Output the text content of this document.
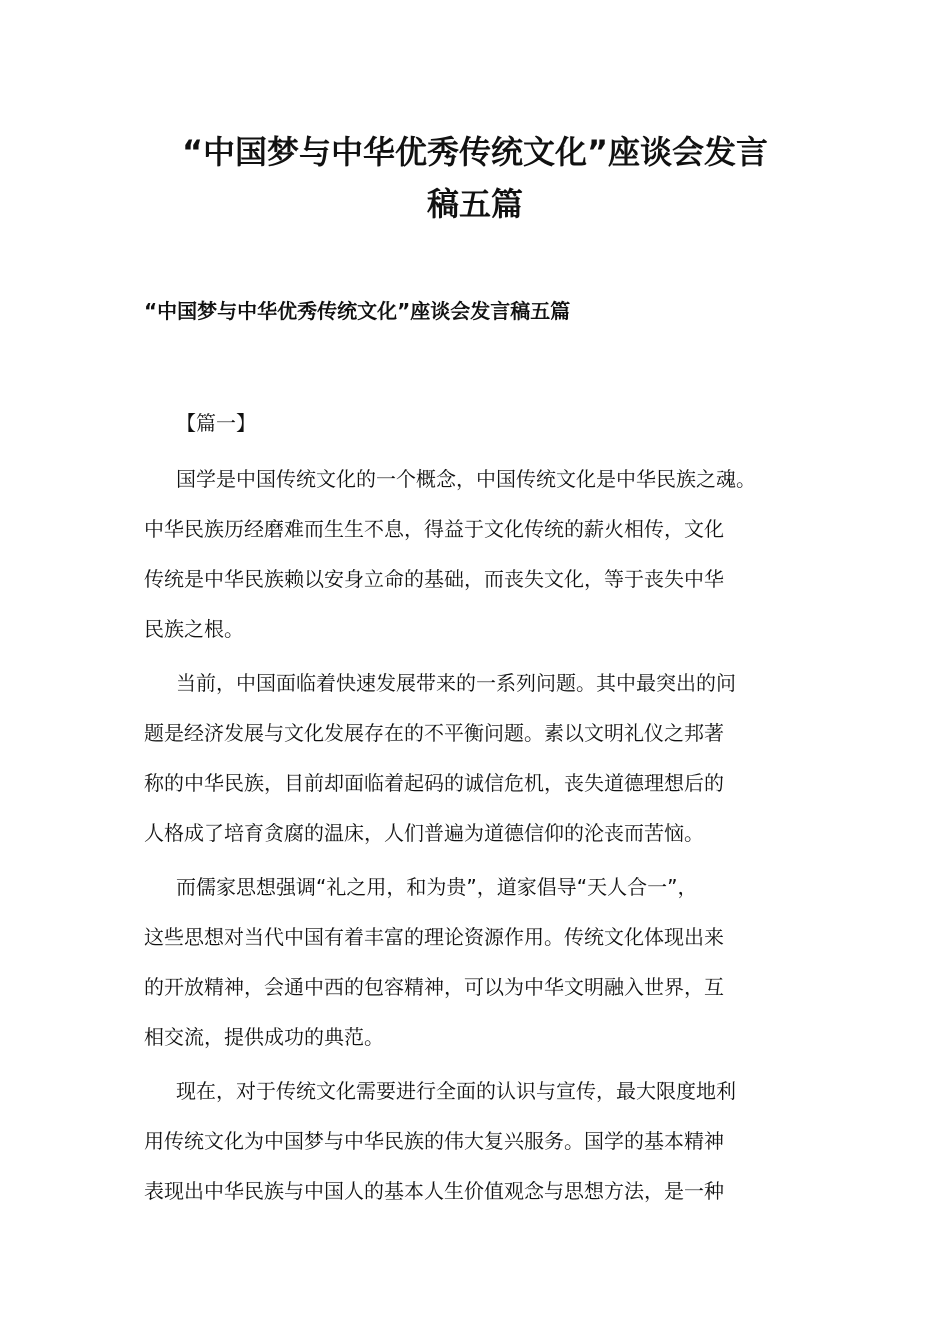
“中国梦与中华优秀传统文化”座谈会发言
稿五篇

“中国梦与中华优秀传统文化”座谈会发言稿五篇

【篇一】

国学是中国传统文化的一个概念，中国传统文化是中华民族之魂。

中华民族历经磨难而生生不息，得益于文化传统的薪火相传，文化

传统是中华民族赖以安身立命的基础，而丧失文化，等于丧失中华

民族之根。

当前，中国面临着快速发展带来的一系列问题。其中最突出的问

题是经济发展与文化发展存在的不平衡问题。素以文明礼仪之邦著

称的中华民族，目前却面临着起码的诚信危机，丧失道德理想后的

人格成了培育贪腐的温床，人们普遍为道德信仰的沦丧而苦恼。

而儒家思想强调“礼之用，和为贵”，道家倡导“天人合一”，

这些思想对当代中国有着丰富的理论资源作用。传统文化体现出来

的开放精神，会通中西的包容精神，可以为中华文明融入世界，互

相交流，提供成功的典范。

现在，对于传统文化需要进行全面的认识与宣传，最大限度地利

用传统文化为中国梦与中华民族的伟大复兴服务。国学的基本精神

表现出中华民族与中国人的基本人生价值观念与思想方法，是一种
